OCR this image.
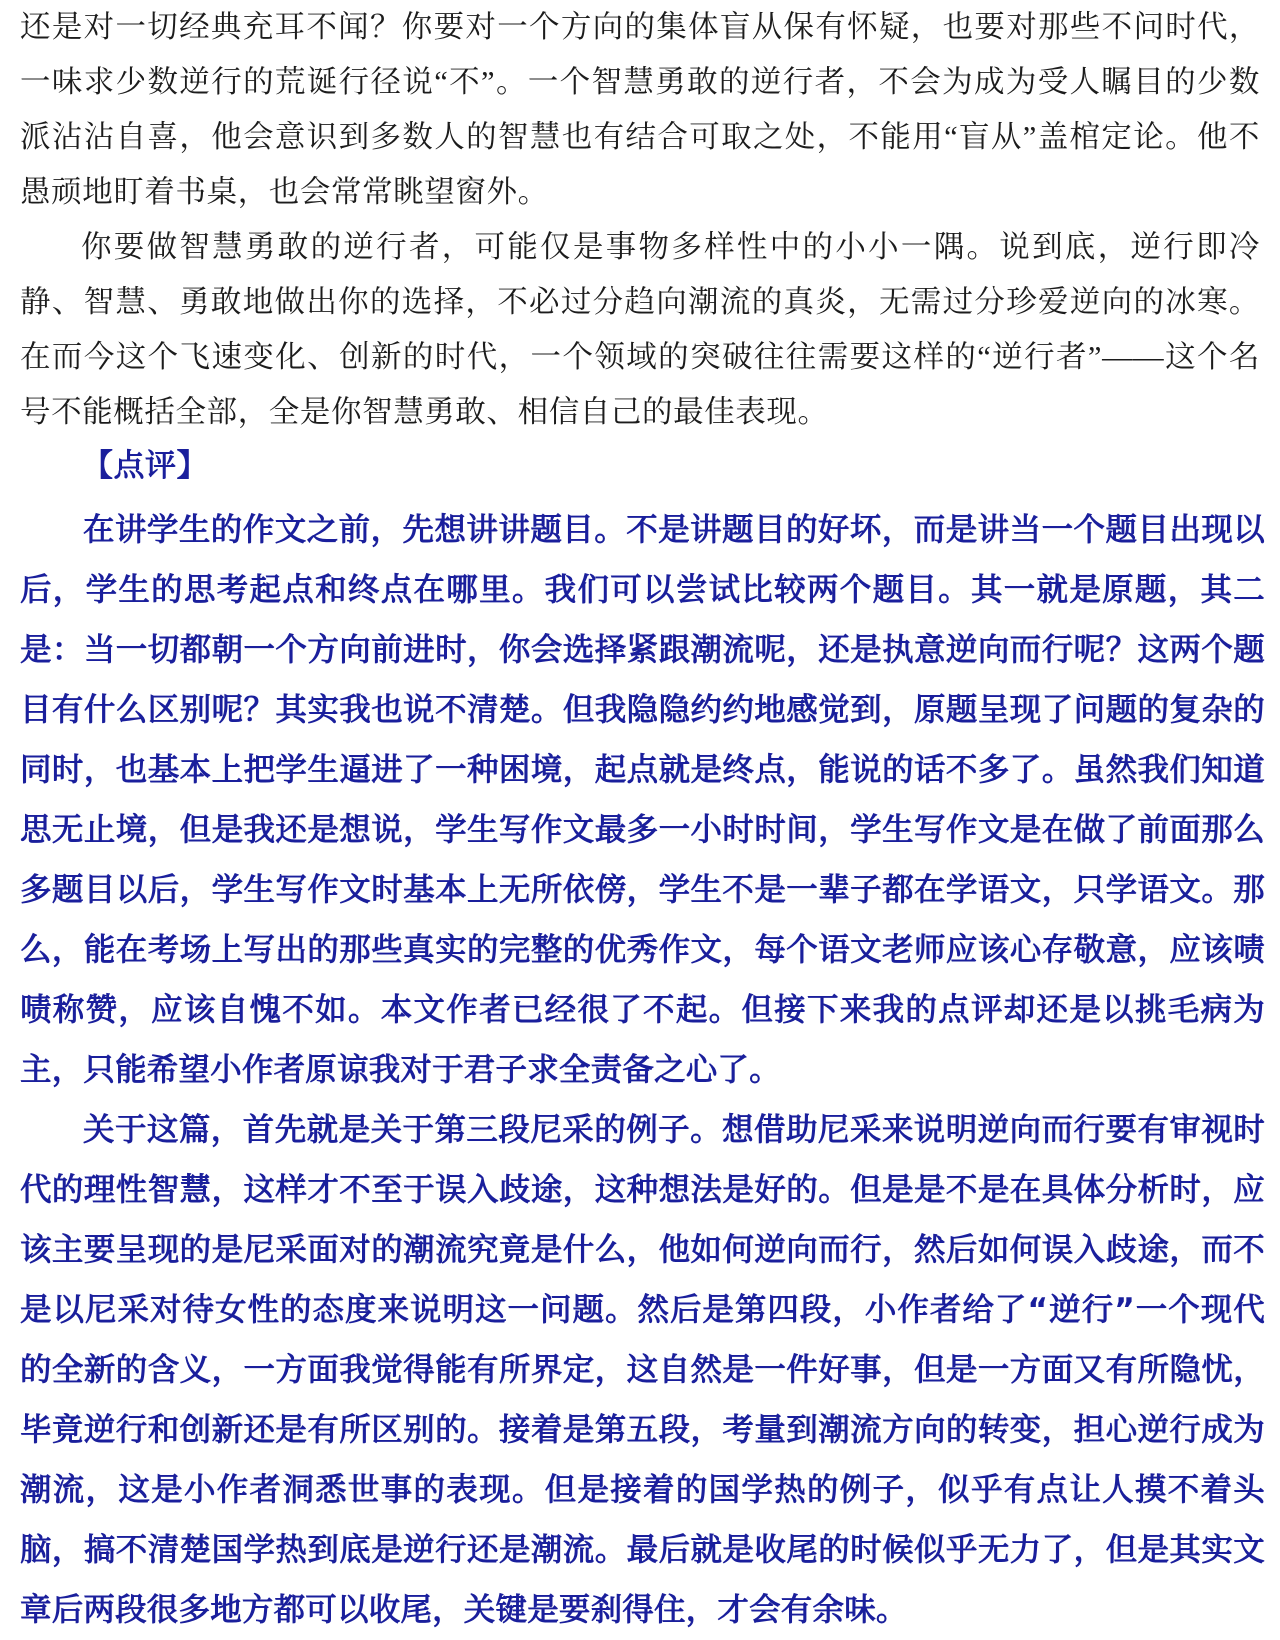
还是对一切经典充耳不闻？你要对一个方向的集体盲从保有怀疑，也要对那些不问时代，一味求少数逆行的荒诞行径说“不”。一个智慧勇敢的逆行者，不会为成为受人瞩目的少数派沾沾自喜，他会意识到多数人的智慧也有结合可取之处，不能用“盲从”盖棺定论。他不愚顽地盯着书桌，也会常常眺望窗外。

你要做智慧勇敢的逆行者，可能仅是事物多样性中的小小一隅。说到底，逆行即冷静、智慧、勇敢地做出你的选择，不必过分趋向潮流的真炎，无需过分珍爱逆向的冰寒。在而今这个飞速变化、创新的时代，一个领域的突破往往需要这样的“逆行者”——这个名号不能概括全部，全是你智慧勇敢、相信自己的最佳表现。

【点评】

在讲学生的作文之前，先想讲讲题目。不是讲题目的好坏，而是讲当一个题目出现以后，学生的思考起点和终点在哪里。我们可以尝试比较两个题目。其一就是原题，其二是：当一切都朝一个方向前进时，你会选择紧跟潮流呢，还是执意逆向而行呢？这两个题目有什么区别呢？其实我也说不清楚。但我隐隐约约地感觉到，原题呈现了问题的复杂的同时，也基本上把学生逼进了一种困境，起点就是终点，能说的话不多了。虽然我们知道思无止境，但是我还是想说，学生写作文最多一小时时间，学生写作文是在做了前面那么多题目以后，学生写作文时基本上无所依傍，学生不是一辈子都在学语文，只学语文。那么，能在考场上写出的那些真实的完整的优秀作文，每个语文老师应该心存敬意，应该啧啧称赞，应该自愧不如。本文作者已经很了不起。但接下来我的点评却还是以挑毛病为主，只能希望小作者原谅我对于君子求全责备之心了。

关于这篇，首先就是关于第三段尼采的例子。想借助尼采来说明逆向而行要有审视时代的理性智慧，这样才不至于误入歧途，这种想法是好的。但是是不是在具体分析时，应该主要呈现的是尼采面对的潮流究竟是什么，他如何逆向而行，然后如何误入歧途，而不是以尼采对待女性的态度来说明这一问题。然后是第四段，小作者给了“逆行”一个现代的全新的含义，一方面我觉得能有所界定，这自然是一件好事，但是一方面又有所隐忧，毕竟逆行和创新还是有所区别的。接着是第五段，考量到潮流方向的转变，担心逆行成为潮流，这是小作者洞悉世事的表现。但是接着的国学热的例子，似乎有点让人摸不着头脑，搞不清楚国学热到底是逆行还是潮流。最后就是收尾的时候似乎无力了，但是其实文章后两段很多地方都可以收尾，关键是要刹得住，才会有余味。
